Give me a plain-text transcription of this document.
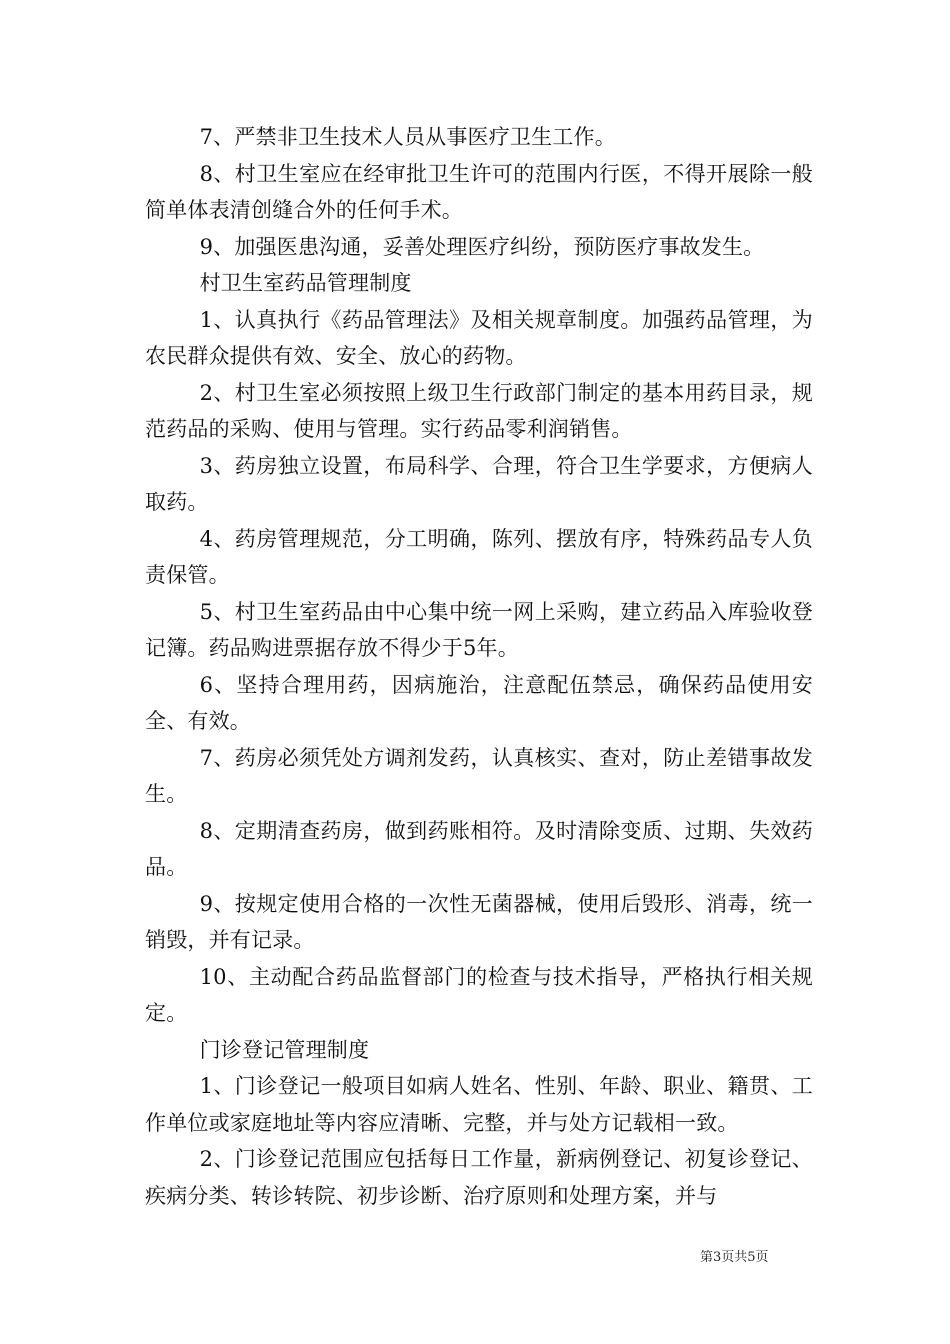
7、严禁非卫生技术人员从事医疗卫生工作。

8、村卫生室应在经审批卫生许可的范围内行医，不得开展除一般简单体表清创缝合外的任何手术。

9、加强医患沟通，妥善处理医疗纠纷，预防医疗事故发生。

村卫生室药品管理制度

1、认真执行《药品管理法》及相关规章制度。加强药品管理，为农民群众提供有效、安全、放心的药物。

2、村卫生室必须按照上级卫生行政部门制定的基本用药目录，规范药品的采购、使用与管理。实行药品零利润销售。

3、药房独立设置，布局科学、合理，符合卫生学要求，方便病人取药。

4、药房管理规范，分工明确，陈列、摆放有序，特殊药品专人负责保管。

5、村卫生室药品由中心集中统一网上采购，建立药品入库验收登记簿。药品购进票据存放不得少于5年。

6、坚持合理用药，因病施治，注意配伍禁忌，确保药品使用安全、有效。

7、药房必须凭处方调剂发药，认真核实、查对，防止差错事故发生。

8、定期清查药房，做到药账相符。及时清除变质、过期、失效药品。

9、按规定使用合格的一次性无菌器械，使用后毁形、消毒，统一销毁，并有记录。

10、主动配合药品监督部门的检查与技术指导，严格执行相关规定。

门诊登记管理制度

1、门诊登记一般项目如病人姓名、性别、年龄、职业、籍贯、工作单位或家庭地址等内容应清晰、完整，并与处方记载相一致。

2、门诊登记范围应包括每日工作量，新病例登记、初复诊登记、疾病分类、转诊转院、初步诊断、治疗原则和处理方案，并与

第3页共5页
